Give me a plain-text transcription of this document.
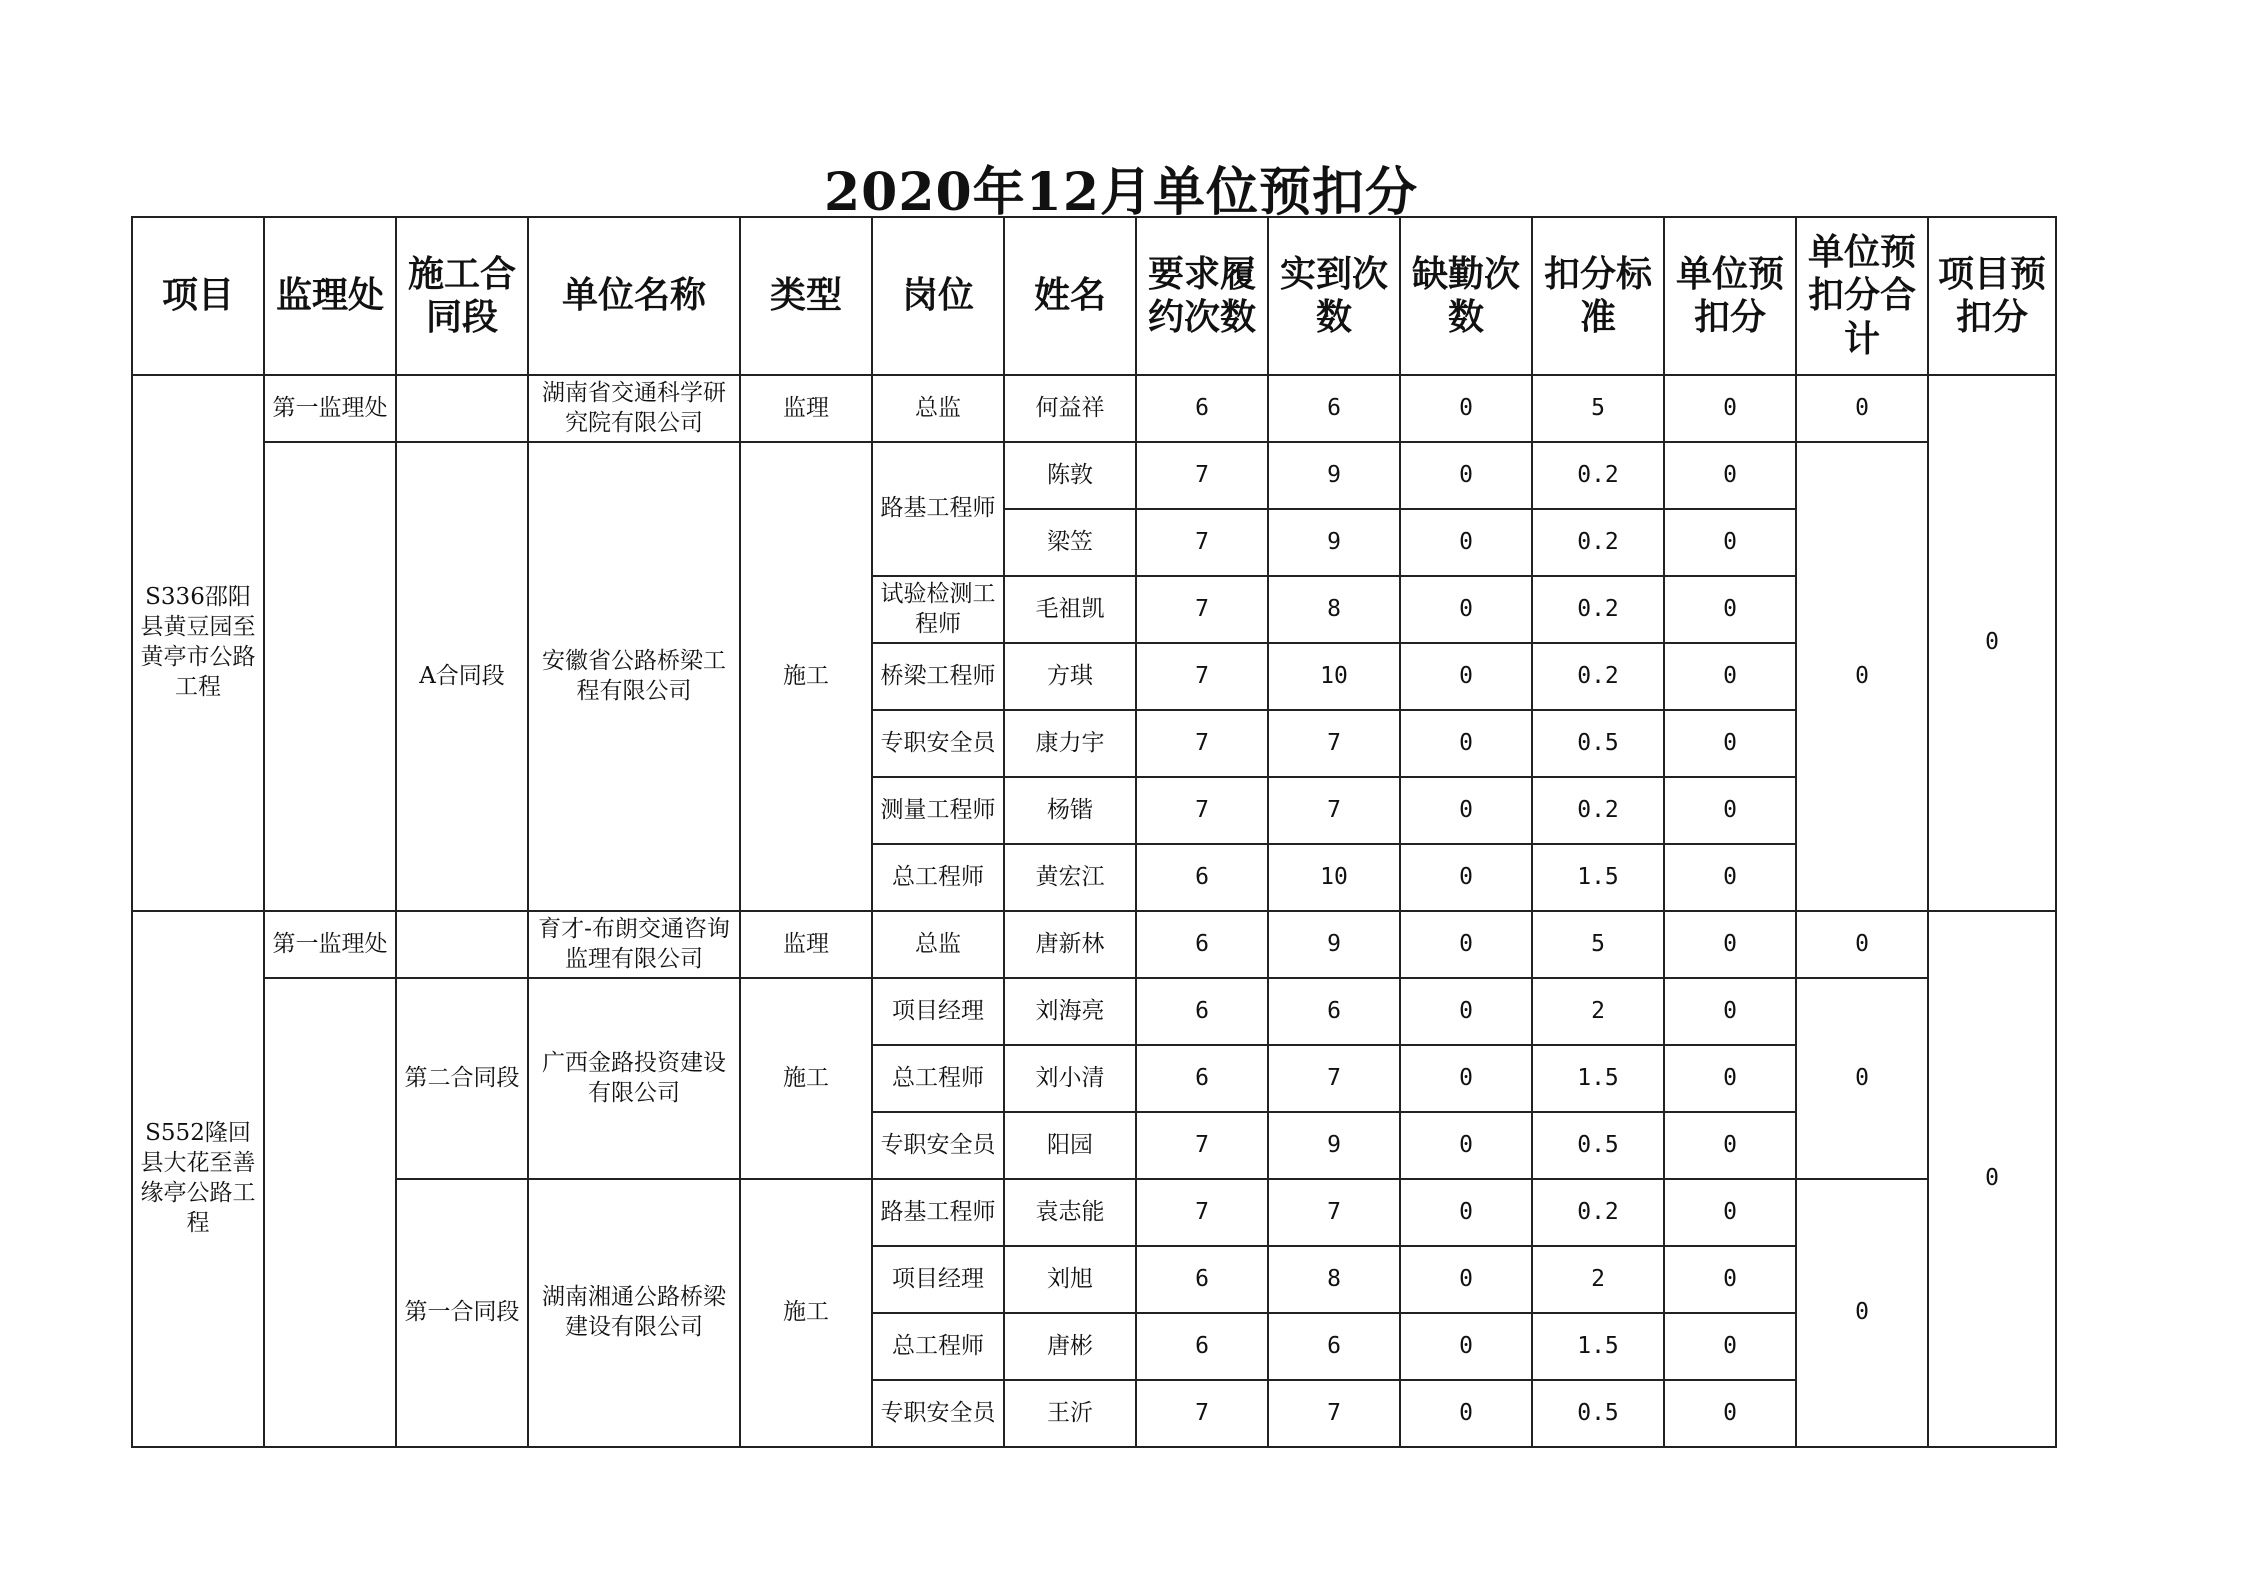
2020年12月单位预扣分
项目	监理处	施工合同段	单位名称	类型	岗位	姓名	要求履约次数	实到次数	缺勤次数	扣分标准	单位预扣分	单位预扣分合计	项目预扣分
S336邵阳县黄豆园至黄亭市公路工程	第一监理处		湖南省交通科学研究院有限公司	监理	总监	何益祥	6	6	0	5	0	0	0
		A合同段	安徽省公路桥梁工程有限公司	施工	路基工程师	陈敦	7	9	0	0.2	0	0	
						梁笠	7	9	0	0.2	0		
					试验检测工程师	毛祖凯	7	8	0	0.2	0		
					桥梁工程师	方琪	7	10	0	0.2	0		
					专职安全员	康力宇	7	7	0	0.5	0		
					测量工程师	杨锴	7	7	0	0.2	0		
					总工程师	黄宏江	6	10	0	1.5	0		
S552隆回县大花至善缘亭公路工程	第一监理处		育才-布朗交通咨询监理有限公司	监理	总监	唐新林	6	9	0	5	0	0	0
		第二合同段	广西金路投资建设有限公司	施工	项目经理	刘海亮	6	6	0	2	0	0	
					总工程师	刘小清	6	7	0	1.5	0		
					专职安全员	阳园	7	9	0	0.5	0		
		第一合同段	湖南湘通公路桥梁建设有限公司	施工	路基工程师	袁志能	7	7	0	0.2	0	0	
					项目经理	刘旭	6	8	0	2	0		
					总工程师	唐彬	6	6	0	1.5	0		
					专职安全员	王沂	7	7	0	0.5	0		
